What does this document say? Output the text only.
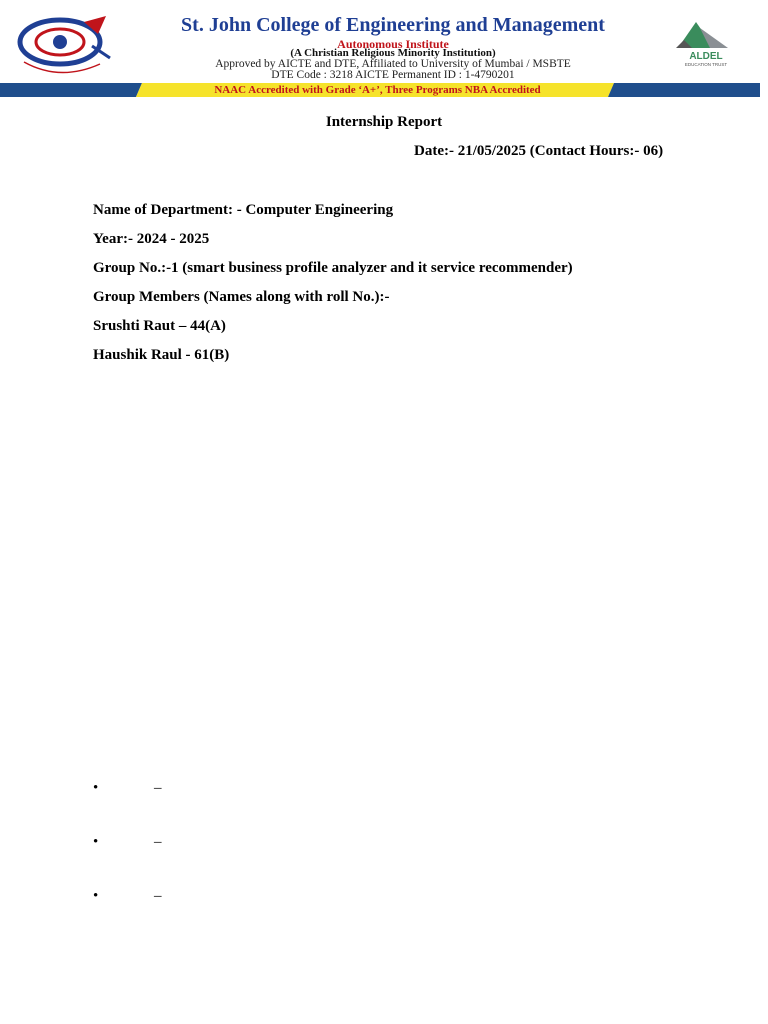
St. John College of Engineering and Management
Autonomous Institute
(A Christian Religious Minority Institution)
Approved by AICTE and DTE, Affiliated to University of Mumbai / MSBTE
DTE Code : 3218 AICTE Permanent ID : 1-4790201
ALDEL
EDUCATION TRUST
NAAC Accredited with Grade ‘A+’, Three Programs NBA Accredited
Internship Report
Date:- 21/05/2025 (Contact Hours:- 06)
Name of Department: - Computer Engineering
Year:- 2024 - 2025
Group No.:-1 (smart business profile analyzer and it service recommender)
Group Members (Names along with roll No.):-
Srushti Raut – 44(A)
Haushik Raul - 61(B)
•	–
•	–
•	–
